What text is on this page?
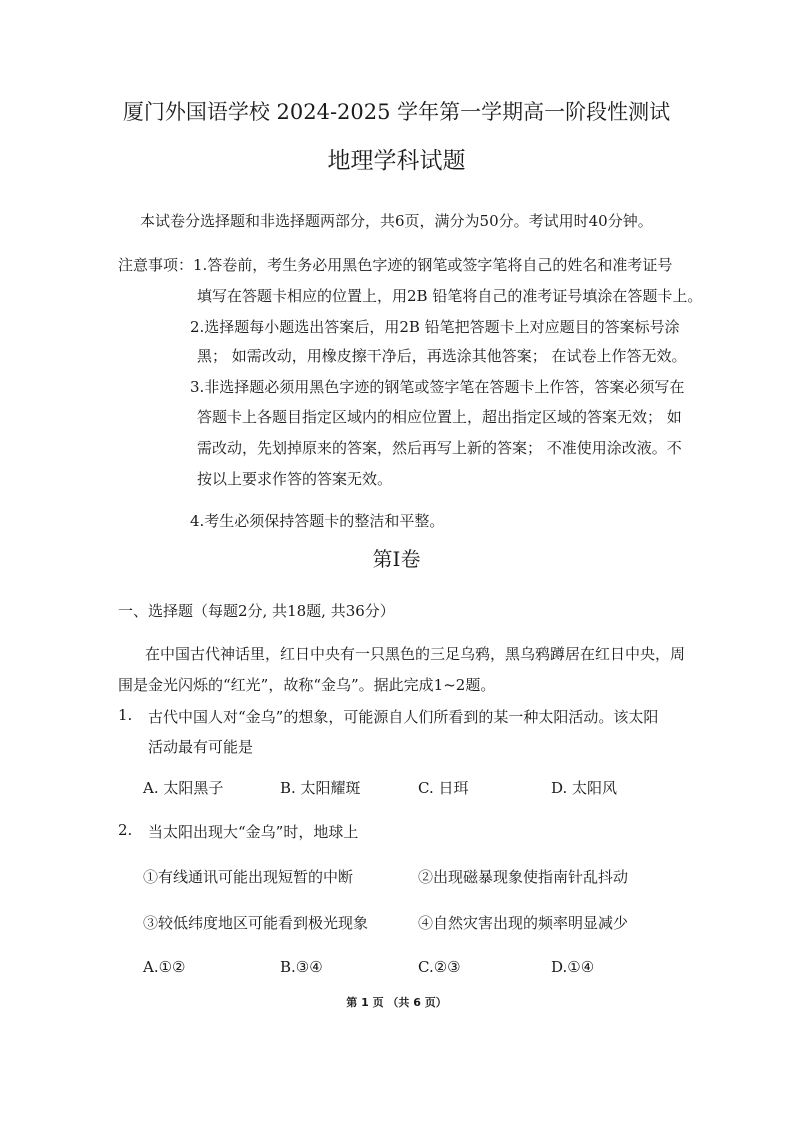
厦门外国语学校 2024-2025 学年第一学期高一阶段性测试
地理学科试题
本试卷分选择题和非选择题两部分，共6页，满分为50分。考试用时40分钟。
注意事项： 1.答卷前，考生务必用黑色字迹的钢笔或签字笔将自己的姓名和准考证号
填写在答题卡相应的位置上，用2B 铅笔将自己的准考证号填涂在答题卡上。
2.选择题每小题选出答案后，用2B 铅笔把答题卡上对应题目的答案标号涂
黑； 如需改动，用橡皮擦干净后，再选涂其他答案； 在试卷上作答无效。
3.非选择题必须用黑色字迹的钢笔或签字笔在答题卡上作答，答案必须写在
答题卡上各题目指定区域内的相应位置上，超出指定区域的答案无效； 如
需改动，先划掉原来的答案，然后再写上新的答案； 不准使用涂改液。不
按以上要求作答的答案无效。
4.考生必须保持答题卡的整洁和平整。
第Ⅰ卷
一、选择题（每题2分, 共18题, 共36分）
在中国古代神话里，红日中央有一只黑色的三足乌鸦，黑乌鸦蹲居在红日中央，周
围是金光闪烁的“红光”，故称“金乌”。据此完成1~2题。
1. 古代中国人对“金乌”的想象，可能源自人们所看到的某一种太阳活动。该太阳
活动最有可能是
A. 太阳黑子	B. 太阳耀斑	C. 日珥	D. 太阳风
2. 当太阳出现大“金乌”时，地球上
①有线通讯可能出现短暂的中断	②出现磁暴现象使指南针乱抖动
③较低纬度地区可能看到极光现象	④自然灾害出现的频率明显减少
A.①②	B.③④	C.②③	D.①④
第 1 页 （共 6 页）
